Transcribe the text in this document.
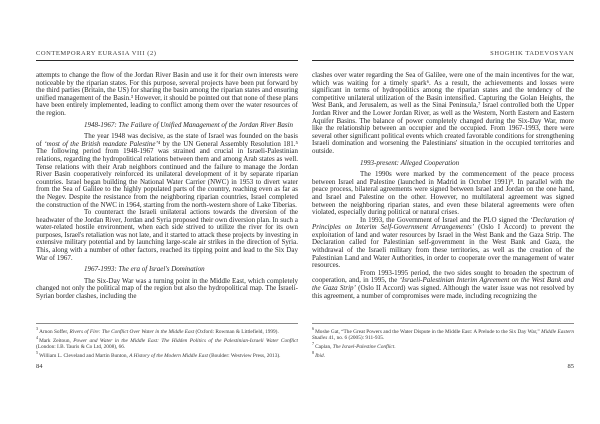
CONTEMPORARY EURASIA VIII (2)

attempts to change the flow of the Jordan River Basin and use it for their own interests were noticeable by the riparian states. For this purpose, several projects have been put forward by the third parties (Britain, the US) for sharing the basin among the riparian states and ensuring unified management of the Basin.³ However, it should be pointed out that none of these plans have been entirely implemented, leading to conflict among them over the water resources of the region.

1948-1967: The Failure of Unified Management of the Jordan River Basin

The year 1948 was decisive, as the state of Israel was founded on the basis of ‘most of the British mandate Palestine’⁴ by the UN General Assembly Resolution 181.⁵ The following period from 1948-1967 was strained and crucial in Israeli-Palestinian relations, regarding the hydropolitical relations between them and among Arab states as well. Tense relations with their Arab neighbors continued and the failure to manage the Jordan River Basin cooperatively reinforced its unilateral development of it by separate riparian countries. Israel began building the National Water Carrier (NWC) in 1953 to divert water from the Sea of Galilee to the highly populated parts of the country, reaching even as far as the Negev. Despite the resistance from the neighboring riparian countries, Israel completed the construction of the NWC in 1964, starting from the north-western shore of Lake Tiberias.

To counteract the Israeli unilateral actions towards the diversion of the headwater of the Jordan River, Jordan and Syria proposed their own diversion plan. In such a water-related hostile environment, when each side strived to utilize the river for its own purposes, Israel's retaliation was not late, and it started to attack these projects by investing in extensive military potential and by launching large-scale air strikes in the direction of Syria. This, along with a number of other factors, reached its tipping point and lead to the Six Day War of 1967.

1967-1993: The era of Israel's Domination

The Six-Day War was a turning point in the Middle East, which completely changed not only the political map of the region but also the hydropolitical map. The Israeli-Syrian border clashes, including the

$^3$Arnon Soffer, Rivers of Fire: The Conflict Over Water in the Middle East (Oxford: Rowman & Littlefield, 1999).

$^4$Mark Zeitoun, Power and Water in the Middle East: The Hidden Politics of the Palestinian-Israeli Water Conflict (London: I.B. Tauris & Co Ltd, 2008), 66.

$^5$William L. Cleveland and Martin Bunton, A History of the Modern Middle East (Boulder: Westview Press, 2013).

84
SHOGHIK TADEVOSYAN

clashes over water regarding the Sea of Galilee, were one of the main incentives for the war, which was waiting for a timely spark⁶. As a result, the achievements and losses were significant in terms of hydropolitics among the riparian states and the tendency of the competitive unilateral utilization of the Basin intensified. Capturing the Golan Heights, the West Bank, and Jerusalem, as well as the Sinai Peninsula,⁷ Israel controlled both the Upper Jordan River and the Lower Jordan River, as well as the Western, North Eastern and Eastern Aquifer Basins. The balance of power completely changed during the Six-Day War, more like the relationship between an occupier and the occupied. From 1967-1993, there were several other significant political events which created favorable conditions for strengthening Israeli domination and worsening the Palestinians' situation in the occupied territories and outside.

1993-present: Alleged Cooperation

The 1990s were marked by the commencement of the peace process between Israel and Palestine (launched in Madrid in October 1991)⁸. In parallel with the peace process, bilateral agreements were signed between Israel and Jordan on the one hand, and Israel and Palestine on the other. However, no multilateral agreement was signed between the neighboring riparian states, and even these bilateral agreements were often violated, especially during political or natural crises.

In 1993, the Government of Israel and the PLO signed the ‘Declaration of Principles on Interim Self-Government Arrangements’ (Oslo I Accord) to prevent the exploitation of land and water resources by Israel in the West Bank and the Gaza Strip. The Declaration called for Palestinian self-government in the West Bank and Gaza, the withdrawal of the Israeli military from these territories, as well as the creation of the Palestinian Land and Water Authorities, in order to cooperate over the management of water resources.

From 1993-1995 period, the two sides sought to broaden the spectrum of cooperation, and, in 1995, the ‘Israeli-Palestinian Interim Agreement on the West Bank and the Gaza Strip’ (Oslo II Accord) was signed. Although the water issue was not resolved by this agreement, a number of compromises were made, including recognizing the

$^6$Moshe Gat, “The Great Powers and the Water Dispute in the Middle East: A Prelude to the Six Day War,” Middle Eastern Studies 41, no. 6 (2005): 911-935.

$^7$Caplan, The Israel-Palestine Conflict.

$^8$Ibid.

85
